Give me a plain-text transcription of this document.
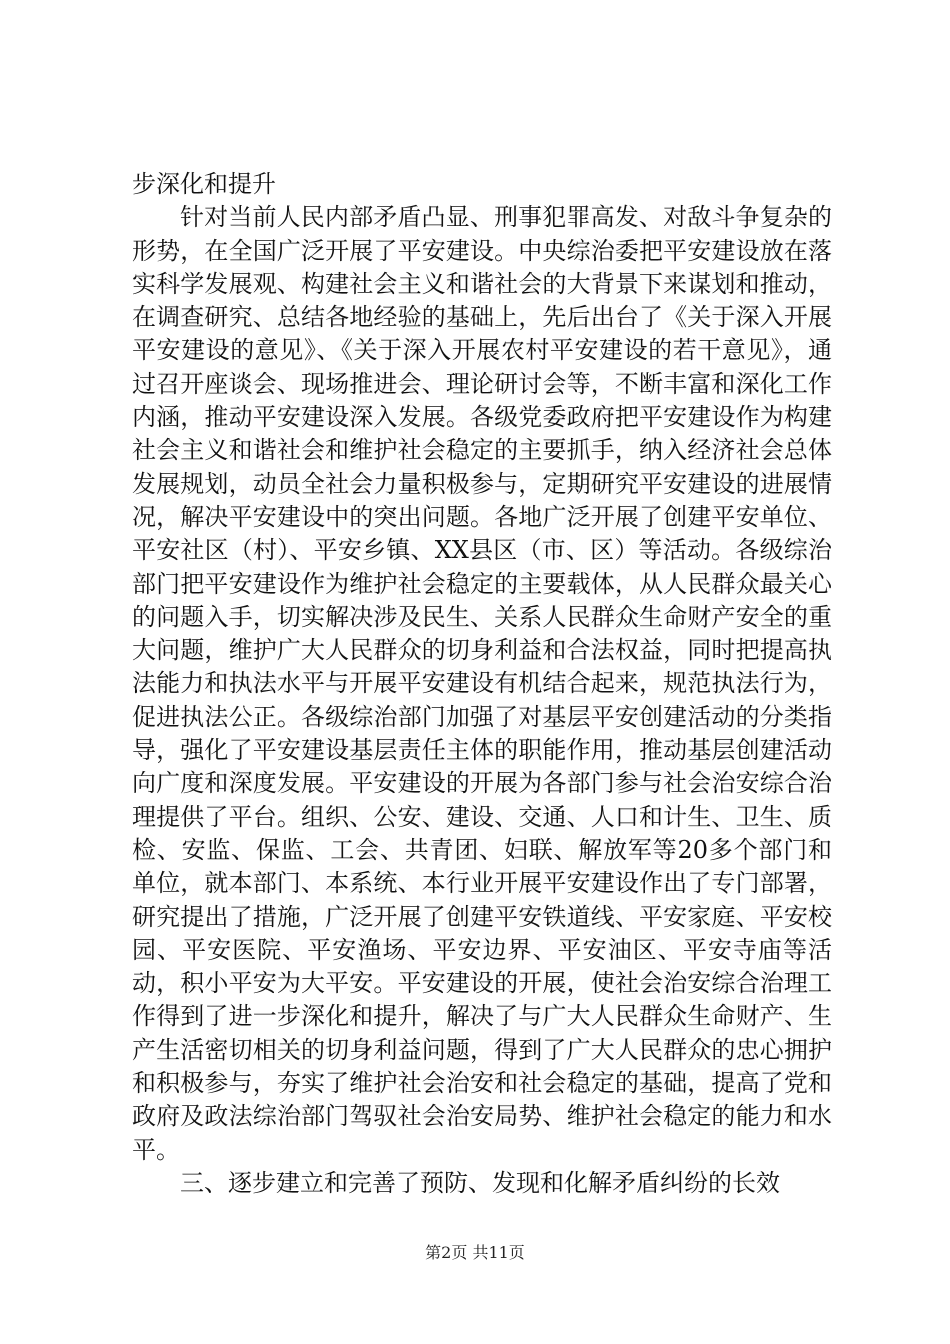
步深化和提升

针对当前人民内部矛盾凸显、刑事犯罪高发、对敌斗争复杂的形势，在全国广泛开展了平安建设。中央综治委把平安建设放在落实科学发展观、构建社会主义和谐社会的大背景下来谋划和推动，在调查研究、总结各地经验的基础上，先后出台了《关于深入开展平安建设的意见》、《关于深入开展农村平安建设的若干意见》，通过召开座谈会、现场推进会、理论研讨会等，不断丰富和深化工作内涵，推动平安建设深入发展。各级党委政府把平安建设作为构建社会主义和谐社会和维护社会稳定的主要抓手，纳入经济社会总体发展规划，动员全社会力量积极参与，定期研究平安建设的进展情况，解决平安建设中的突出问题。各地广泛开展了创建平安单位、平安社区（村）、平安乡镇、XX县区（市、区）等活动。各级综治部门把平安建设作为维护社会稳定的主要载体，从人民群众最关心的问题入手，切实解决涉及民生、关系人民群众生命财产安全的重大问题，维护广大人民群众的切身利益和合法权益，同时把提高执法能力和执法水平与开展平安建设有机结合起来，规范执法行为，促进执法公正。各级综治部门加强了对基层平安创建活动的分类指导，强化了平安建设基层责任主体的职能作用，推动基层创建活动向广度和深度发展。平安建设的开展为各部门参与社会治安综合治理提供了平台。组织、公安、建设、交通、人口和计生、卫生、质检、安监、保监、工会、共青团、妇联、解放军等20多个部门和单位，就本部门、本系统、本行业开展平安建设作出了专门部署，研究提出了措施，广泛开展了创建平安铁道线、平安家庭、平安校园、平安医院、平安渔场、平安边界、平安油区、平安寺庙等活动，积小平安为大平安。平安建设的开展，使社会治安综合治理工作得到了进一步深化和提升，解决了与广大人民群众生命财产、生产生活密切相关的切身利益问题，得到了广大人民群众的忠心拥护和积极参与，夯实了维护社会治安和社会稳定的基础，提高了党和政府及政法综治部门驾驭社会治安局势、维护社会稳定的能力和水平。

三、逐步建立和完善了预防、发现和化解矛盾纠纷的长效

第2页 共11页
